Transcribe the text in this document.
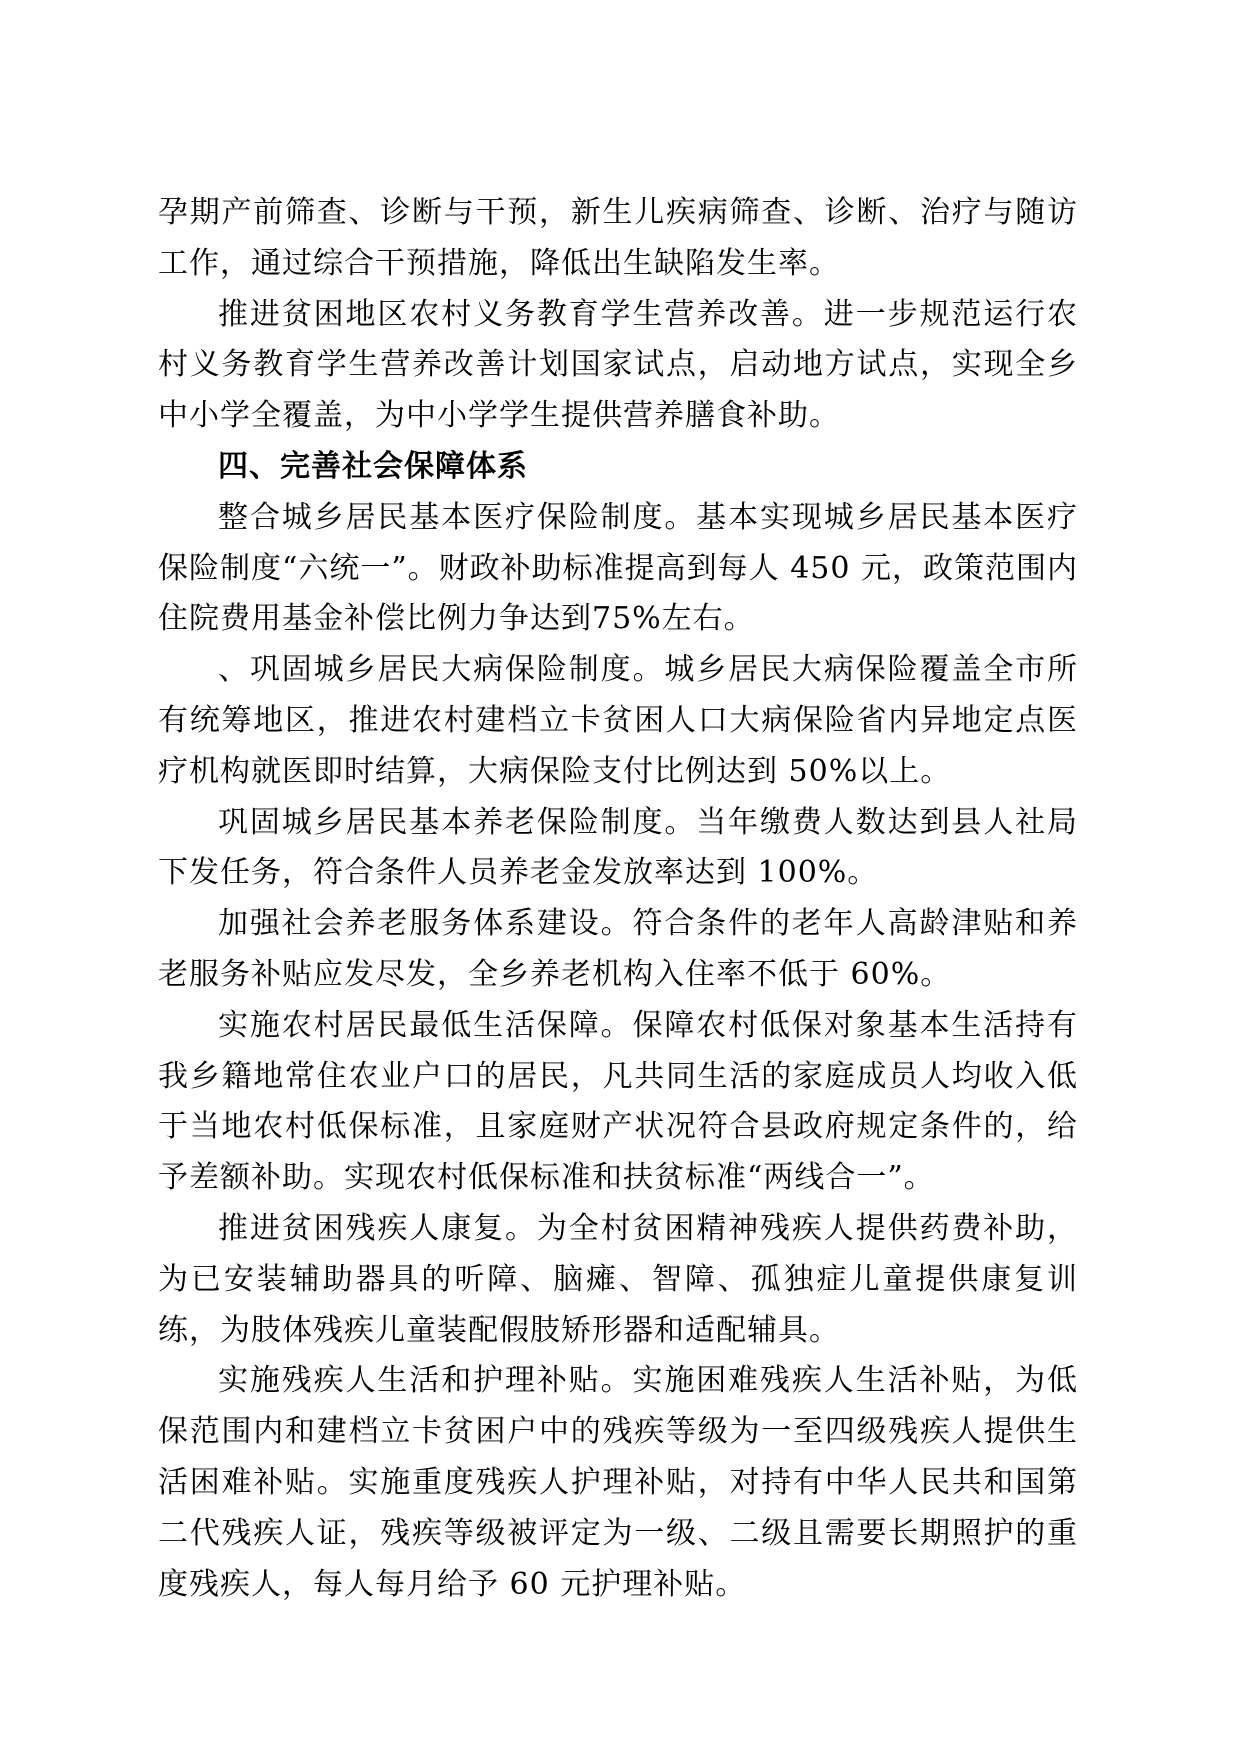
孕期产前筛查、诊断与干预，新生儿疾病筛查、诊断、治疗与随访工作，通过综合干预措施，降低出生缺陷发生率。

推进贫困地区农村义务教育学生营养改善。进一步规范运行农村义务教育学生营养改善计划国家试点，启动地方试点，实现全乡中小学全覆盖，为中小学学生提供营养膳食补助。

四、完善社会保障体系

整合城乡居民基本医疗保险制度。基本实现城乡居民基本医疗保险制度“六统一”。财政补助标准提高到每人 450 元，政策范围内住院费用基金补偿比例力争达到75%左右。

、巩固城乡居民大病保险制度。城乡居民大病保险覆盖全市所有统筹地区，推进农村建档立卡贫困人口大病保险省内异地定点医疗机构就医即时结算，大病保险支付比例达到 50%以上。

巩固城乡居民基本养老保险制度。当年缴费人数达到县人社局下发任务，符合条件人员养老金发放率达到 100%。

加强社会养老服务体系建设。符合条件的老年人高龄津贴和养老服务补贴应发尽发，全乡养老机构入住率不低于 60%。

实施农村居民最低生活保障。保障农村低保对象基本生活持有我乡籍地常住农业户口的居民，凡共同生活的家庭成员人均收入低于当地农村低保标准，且家庭财产状况符合县政府规定条件的，给予差额补助。实现农村低保标准和扶贫标准“两线合一”。

推进贫困残疾人康复。为全村贫困精神残疾人提供药费补助，为已安装辅助器具的听障、脑瘫、智障、孤独症儿童提供康复训练，为肢体残疾儿童装配假肢矫形器和适配辅具。

实施残疾人生活和护理补贴。实施困难残疾人生活补贴，为低保范围内和建档立卡贫困户中的残疾等级为一至四级残疾人提供生活困难补贴。实施重度残疾人护理补贴，对持有中华人民共和国第二代残疾人证，残疾等级被评定为一级、二级且需要长期照护的重度残疾人，每人每月给予 60 元护理补贴。
